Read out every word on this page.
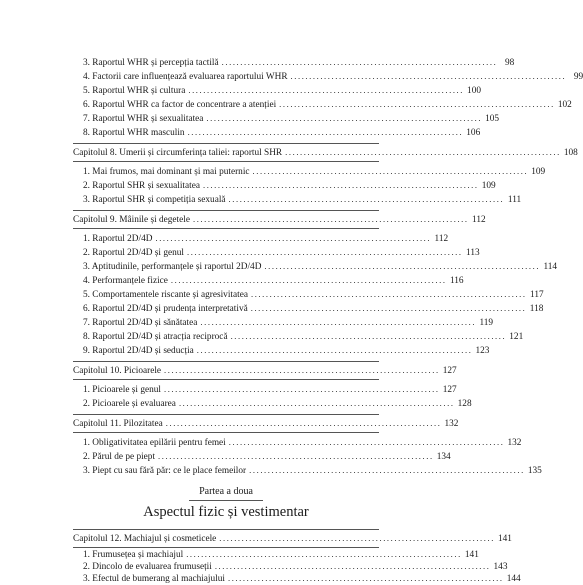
3. Raportul WHR și percepția tactilă .......................................................................... 98
4. Factorii care influențează evaluarea raportului WHR .......................................................................... 99
5. Raportul WHR și cultura .......................................................................... 100
6. Raportul WHR ca factor de concentrare a atenției .......................................................................... 102
7. Raportul WHR și sexualitatea .......................................................................... 105
8. Raportul WHR masculin .......................................................................... 106
Capitolul 8. Umerii și circumferința taliei: raportul SHR .......................................................................... 108
1. Mai frumos, mai dominant și mai puternic .......................................................................... 109
2. Raportul SHR și sexualitatea .......................................................................... 109
3. Raportul SHR și competiția sexuală .......................................................................... 111
Capitolul 9. Mâinile și degetele .......................................................................... 112
1. Raportul 2D/4D .......................................................................... 112
2. Raportul 2D/4D și genul .......................................................................... 113
3. Aptitudinile, performanțele și raportul 2D/4D .......................................................................... 114
4. Performanțele fizice .......................................................................... 116
5. Comportamentele riscante și agresivitatea .......................................................................... 117
6. Raportul 2D/4D și prudența interpretativă .......................................................................... 118
7. Raportul 2D/4D și sănătatea .......................................................................... 119
8. Raportul 2D/4D și atracția reciprocă .......................................................................... 121
9. Raportul 2D/4D și seducția .......................................................................... 123
Capitolul 10. Picioarele .......................................................................... 127
1. Picioarele și genul .......................................................................... 127
2. Picioarele și evaluarea .......................................................................... 128
Capitolul 11. Pilozitatea .......................................................................... 132
1. Obligativitatea epilării pentru femei .......................................................................... 132
2. Părul de pe piept .......................................................................... 134
3. Piept cu sau fără păr: ce le place femeilor .......................................................................... 135
Partea a doua
Aspectul fizic și vestimentar
Capitolul 12. Machiajul și cosmeticele .......................................................................... 141
1. Frumusețea și machiajul .......................................................................... 141
2. Dincolo de evaluarea frumuseții .......................................................................... 143
3. Efectul de bumerang al machiajului .......................................................................... 144
